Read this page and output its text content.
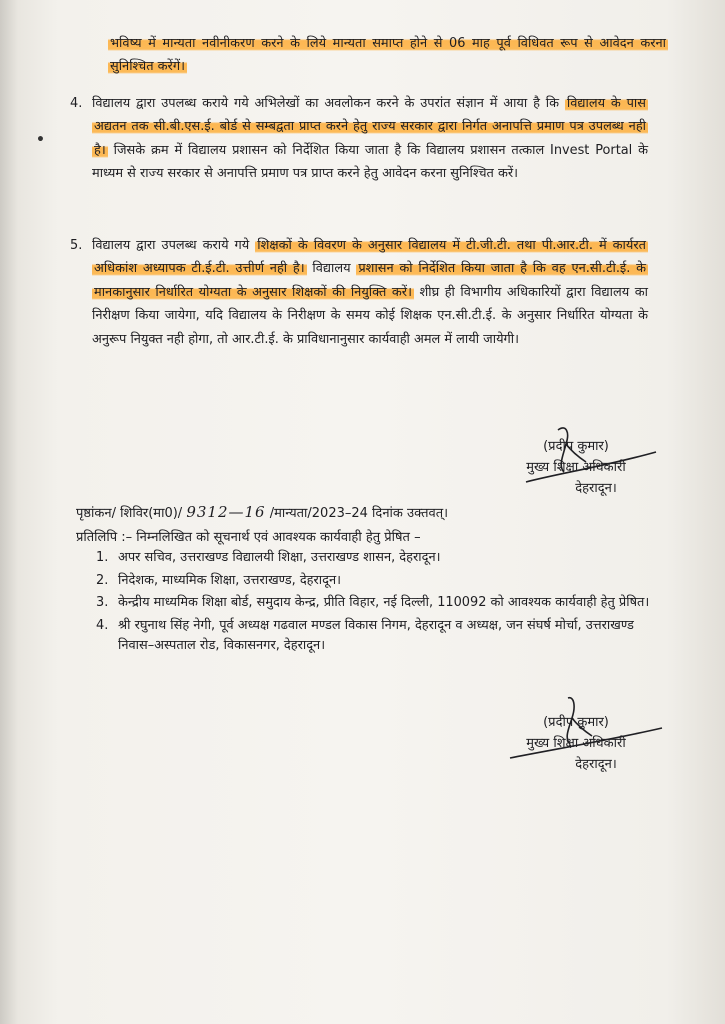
•
भविष्य में मान्यता नवीनीकरण करने के लिये मान्यता समाप्त होने से 06 माह पूर्व विधिवत रूप से आवेदन करना सुनिश्चित करेंगें।
4. विद्यालय द्वारा उपलब्ध कराये गये अभिलेखों का अवलोकन करने के उपरांत संज्ञान में आया है कि विद्यालय के पास अद्यतन तक सी.बी.एस.ई. बोर्ड से सम्बद्वता प्राप्त करने हेतु राज्य सरकार द्वारा निर्गत अनापत्ति प्रमाण पत्र उपलब्ध नही है। जिसके क्रम में विद्यालय प्रशासन को निर्देशित किया जाता है कि विद्यालय प्रशासन तत्काल Invest Portal के माध्यम से राज्य सरकार से अनापत्ति प्रमाण पत्र प्राप्त करने हेतु आवेदन करना सुनिश्चित करें।
5. विद्यालय द्वारा उपलब्ध कराये गये शिक्षकों के विवरण के अनुसार विद्यालय में टी.जी.टी. तथा पी.आर.टी. में कार्यरत अधिकांश अध्यापक टी.ई.टी. उत्तीर्ण नही है। विद्यालय प्रशासन को निर्देशित किया जाता है कि वह एन.सी.टी.ई. के मानकानुसार निर्धारित योग्यता के अनुसार शिक्षकों की नियुक्ति करें। शीघ्र ही विभागीय अधिकारियों द्वारा विद्यालय का निरीक्षण किया जायेगा, यदि विद्यालय के निरीक्षण के समय कोई शिक्षक एन.सी.टी.ई. के अनुसार निर्धारित योग्यता के अनुरूप नियुक्त नही होगा, तो आर.टी.ई. के प्राविधानानुसार कार्यवाही अमल में लायी जायेगी।
(प्रदीप कुमार)
मुख्य शिक्षा अधिकारी
देहरादून।
पृष्ठांकन/ शिविर(मा0)/ 9312—16 /मान्यता/2023–24 दिनांक उक्तवत्।
प्रतिलिपि :– निम्नलिखित को सूचनार्थ एवं आवश्यक कार्यवाही हेतु प्रेषित –
1. अपर सचिव, उत्तराखण्ड विद्यालयी शिक्षा, उत्तराखण्ड शासन, देहरादून।
2. निदेशक, माध्यमिक शिक्षा, उत्तराखण्ड, देहरादून।
3. केन्द्रीय माध्यमिक शिक्षा बोर्ड, समुदाय केन्द्र, प्रीति विहार, नई दिल्ली, 110092 को आवश्यक कार्यवाही हेतु प्रेषित।
4. श्री रघुनाथ सिंह नेगी, पूर्व अध्यक्ष गढवाल मण्डल विकास निगम, देहरादून व अध्यक्ष, जन संघर्ष मोर्चा, उत्तराखण्ड निवास–अस्पताल रोड, विकासनगर, देहरादून।
(प्रदीप कुमार)
मुख्य शिक्षा अधिकारी
देहरादून।
